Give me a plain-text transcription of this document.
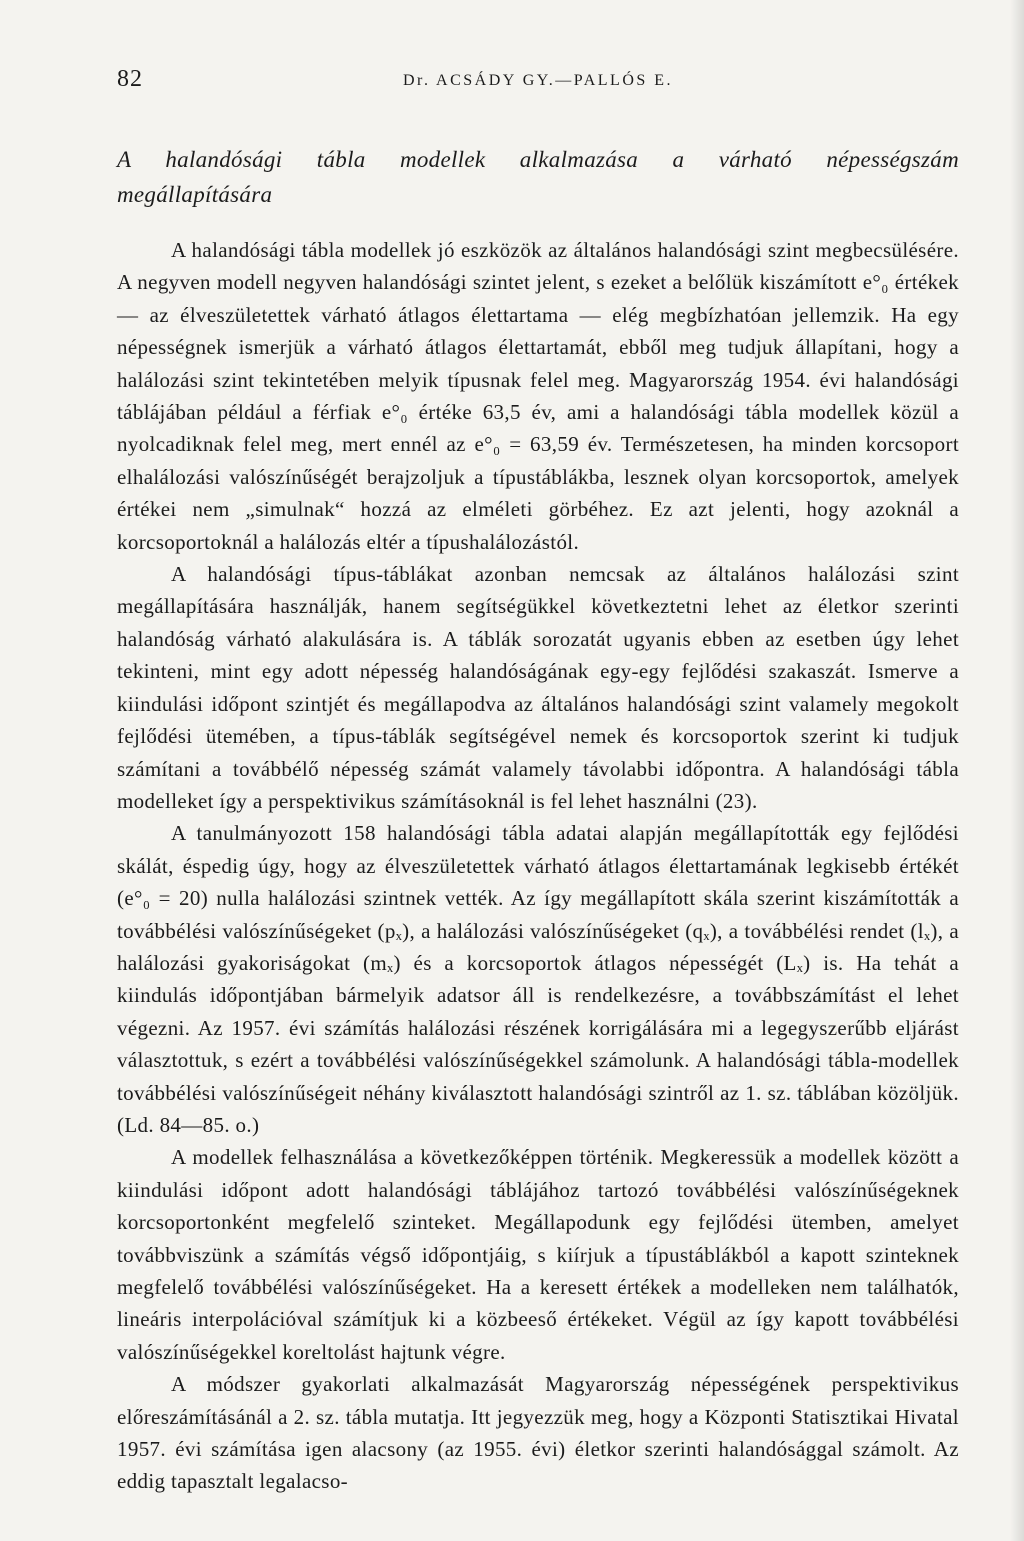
82	Dr. ACSÁDY GY.—PALLÓS E.
A halandósági tábla modellek alkalmazása a várható népességszám megállapítására

A halandósági tábla modellek jó eszközök az általános halandósági szint megbecsülésére. A negyven modell negyven halandósági szintet jelent, s ezeket a belőlük kiszámított e°₀ értékek — az élveszületettek várható átlagos élettartama — elég megbízhatóan jellemzik. Ha egy népességnek ismerjük a várható átlagos élettartamát, ebből meg tudjuk állapítani, hogy a halálozási szint tekintetében melyik típusnak felel meg. Magyarország 1954. évi halandósági táblájában például a férfiak e°₀ értéke 63,5 év, ami a halandósági tábla modellek közül a nyolcadiknak felel meg, mert ennél az e°₀ = 63,59 év. Természetesen, ha minden korcsoport elhalálozási valószínűségét berajzoljuk a típustáblákba, lesznek olyan korcsoportok, amelyek értékei nem „simulnak“ hozzá az elméleti görbéhez. Ez azt jelenti, hogy azoknál a korcsoportoknál a halálozás eltér a típushalálozástól.

A halandósági típus-táblákat azonban nemcsak az általános halálozási szint megállapítására használják, hanem segítségükkel következtetni lehet az életkor szerinti halandóság várható alakulására is. A táblák sorozatát ugyanis ebben az esetben úgy lehet tekinteni, mint egy adott népesség halandóságának egy-egy fejlődési szakaszát. Ismerve a kiindulási időpont szintjét és megállapodva az általános halandósági szint valamely megokolt fejlődési ütemében, a típus-táblák segítségével nemek és korcsoportok szerint ki tudjuk számítani a továbbélő népesség számát valamely távolabbi időpontra. A halandósági tábla modelleket így a perspektivikus számításoknál is fel lehet használni (23).

A tanulmányozott 158 halandósági tábla adatai alapján megállapították egy fejlődési skálát, éspedig úgy, hogy az élveszületettek várható átlagos élettartamának legkisebb értékét (e°₀ = 20) nulla halálozási szintnek vették. Az így megállapított skála szerint kiszámították a továbbélési valószínűségeket (pₓ), a halálozási valószínűségeket (qₓ), a továbbélési rendet (lₓ), a halálozási gyakoriságokat (mₓ) és a korcsoportok átlagos népességét (Lₓ) is. Ha tehát a kiindulás időpontjában bármelyik adatsor áll is rendelkezésre, a továbbszámítást el lehet végezni. Az 1957. évi számítás halálozási részének korrigálására mi a legegyszerűbb eljárást választottuk, s ezért a továbbélési valószínűségekkel számolunk. A halandósági tábla-modellek továbbélési valószínűségeit néhány kiválasztott halandósági szintről az 1. sz. táblában közöljük. (Ld. 84—85. o.)

A modellek felhasználása a következőképpen történik. Megkeressük a modellek között a kiindulási időpont adott halandósági táblájához tartozó továbbélési valószínűségeknek korcsoportonként megfelelő szinteket. Megállapodunk egy fejlődési ütemben, amelyet továbbviszünk a számítás végső időpontjáig, s kiírjuk a típustáblákból a kapott szinteknek megfelelő továbbélési valószínűségeket. Ha a keresett értékek a modelleken nem találhatók, lineáris interpolációval számítjuk ki a közbeeső értékeket. Végül az így kapott továbbélési valószínűségekkel koreltolást hajtunk végre.

A módszer gyakorlati alkalmazását Magyarország népességének perspektivikus előreszámításánál a 2. sz. tábla mutatja. Itt jegyezzük meg, hogy a Központi Statisztikai Hivatal 1957. évi számítása igen alacsony (az 1955. évi) életkor szerinti halandósággal számolt. Az eddig tapasztalt legalacso-
